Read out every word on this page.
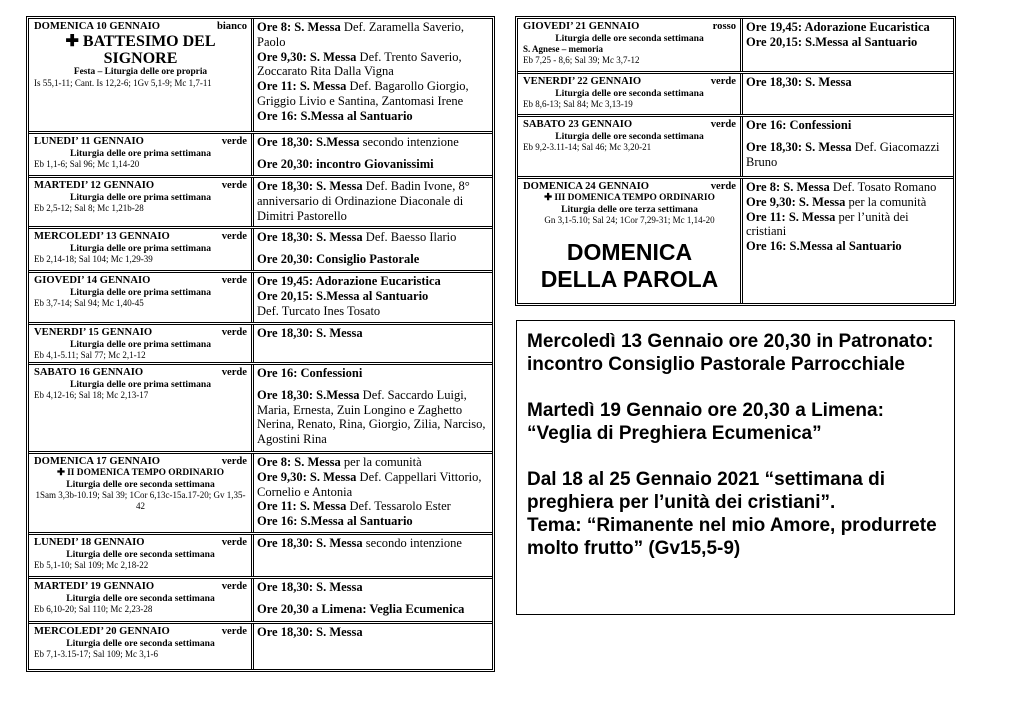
DOMENICA 10 GENNAIO	bianco
✚ BATTESIMO DEL
SIGNORE
Festa – Liturgia delle ore propria
Is 55,1-11; Cant. Is 12,2-6; 1Gv 5,1-9; Mc 1,7-11
Ore 8: S. Messa Def. Zaramella Saverio, Paolo
Ore 9,30: S. Messa Def. Trento Saverio, Zoccarato Rita Dalla Vigna
Ore 11: S. Messa Def. Bagarollo Giorgio, Griggio Livio e Santina, Zantomasi Irene
Ore 16: S.Messa al Santuario
LUNEDI’ 11 GENNAIO	verde
Liturgia delle ore prima settimana
Eb 1,1-6; Sal 96; Mc 1,14-20
Ore 18,30: S.Messa secondo intenzione
Ore 20,30: incontro Giovanissimi
MARTEDI’ 12 GENNAIO	verde
Liturgia delle ore prima settimana
Eb 2,5-12; Sal 8; Mc 1,21b-28
Ore 18,30: S. Messa Def. Badin Ivone, 8° anniversario di Ordinazione Diaconale di Dimitri Pastorello
MERCOLEDI’ 13 GENNAIO	verde
Liturgia delle ore prima settimana
Eb 2,14-18; Sal 104; Mc 1,29-39
Ore 18,30: S. Messa Def. Baesso Ilario
Ore 20,30: Consiglio Pastorale
GIOVEDI’ 14 GENNAIO	verde
Liturgia delle ore prima settimana
Eb 3,7-14; Sal 94; Mc 1,40-45
Ore 19,45: Adorazione Eucaristica
Ore 20,15: S.Messa al Santuario
Def. Turcato Ines Tosato
VENERDI’ 15 GENNAIO	verde
Liturgia delle ore prima settimana
Eb 4,1-5.11; Sal 77; Mc 2,1-12
Ore 18,30: S. Messa
SABATO 16 GENNAIO	verde
Liturgia delle ore prima settimana
Eb 4,12-16; Sal 18; Mc 2,13-17
Ore 16: Confessioni
Ore 18,30: S.Messa Def. Saccardo Luigi, Maria, Ernesta, Zuin Longino e Zaghetto Nerina, Renato, Rina, Giorgio, Zilia, Narciso, Agostini Rina
DOMENICA 17 GENNAIO	verde
✚ II DOMENICA TEMPO ORDINARIO
Liturgia delle ore seconda settimana
1Sam 3,3b-10.19; Sal 39; 1Cor 6,13c-15a.17-20; Gv 1,35-42
Ore 8: S. Messa per la comunità
Ore 9,30: S. Messa Def. Cappellari Vittorio, Cornelio e Antonia
Ore 11: S. Messa Def. Tessarolo Ester
Ore 16: S.Messa al Santuario
LUNEDI’ 18 GENNAIO	verde
Liturgia delle ore seconda settimana
Eb 5,1-10; Sal 109; Mc 2,18-22
Ore 18,30: S. Messa secondo intenzione
MARTEDI’ 19 GENNAIO	verde
Liturgia delle ore seconda settimana
Eb 6,10-20; Sal 110; Mc 2,23-28
Ore 18,30: S. Messa
Ore 20,30 a Limena: Veglia Ecumenica
MERCOLEDI’ 20 GENNAIO	verde
Liturgia delle ore seconda settimana
Eb 7,1-3.15-17; Sal 109; Mc 3,1-6
Ore 18,30: S. Messa
GIOVEDI’ 21 GENNAIO	rosso
Liturgia delle ore seconda settimana
S. Agnese – memoria
Eb 7,25 - 8,6; Sal 39; Mc 3,7-12
Ore 19,45: Adorazione Eucaristica
Ore 20,15: S.Messa al Santuario
VENERDI’ 22 GENNAIO	verde
Liturgia delle ore seconda settimana
Eb 8,6-13; Sal 84; Mc 3,13-19
Ore 18,30: S. Messa
SABATO 23 GENNAIO	verde
Liturgia delle ore seconda settimana
Eb 9,2-3.11-14; Sal 46; Mc 3,20-21
Ore 16: Confessioni
Ore 18,30: S. Messa Def. Giacomazzi Bruno
DOMENICA 24 GENNAIO	verde
✚ III DOMENICA TEMPO ORDINARIO
Liturgia delle ore terza settimana
Gn 3,1-5.10; Sal 24; 1Cor 7,29-31; Mc 1,14-20
DOMENICA
DELLA PAROLA
Ore 8: S. Messa Def. Tosato Romano
Ore 9,30: S. Messa per la comunità
Ore 11: S. Messa per l’unità dei cristiani
Ore 16: S.Messa al Santuario
Mercoledì 13 Gennaio ore 20,30 in Patronato: incontro Consiglio Pastorale Parrocchiale
Martedì 19 Gennaio ore 20,30 a Limena:
“Veglia di Preghiera Ecumenica”
Dal 18 al 25 Gennaio 2021 “settimana di preghiera per l’unità dei cristiani”.
Tema: “Rimanente nel mio Amore, produrrete molto frutto” (Gv15,5-9)
